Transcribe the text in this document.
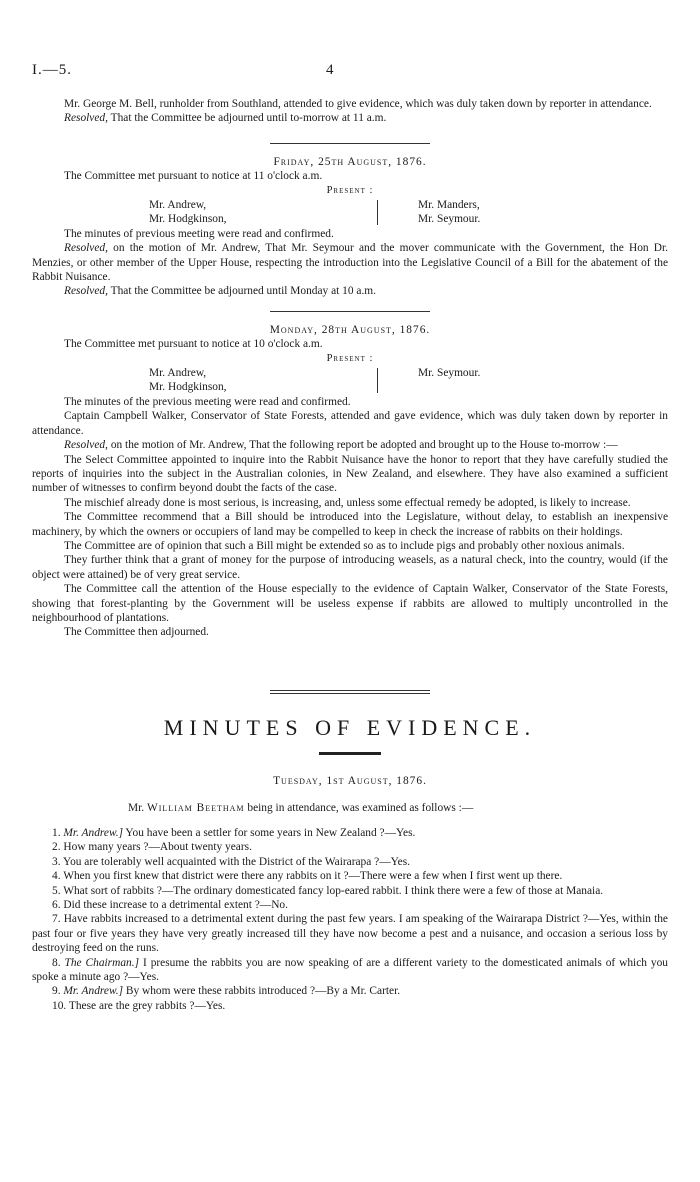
I.—5.	4

Mr. George M. Bell, runholder from Southland, attended to give evidence, which was duly taken down by reporter in attendance.

Resolved, That the Committee be adjourned until to-morrow at 11 a.m.

Friday, 25th August, 1876.

The Committee met pursuant to notice at 11 o'clock a.m.

Present :

Mr. Andrew,
Mr. Hodgkinson,
Mr. Manders,
Mr. Seymour.

The minutes of previous meeting were read and confirmed.

Resolved, on the motion of Mr. Andrew, That Mr. Seymour and the mover communicate with the Government, the Hon Dr. Menzies, or other member of the Upper House, respecting the introduction into the Legislative Council of a Bill for the abatement of the Rabbit Nuisance.

Resolved, That the Committee be adjourned until Monday at 10 a.m.

Monday, 28th August, 1876.

The Committee met pursuant to notice at 10 o'clock a.m.

Present :

Mr. Andrew,
Mr. Hodgkinson,
Mr. Seymour.

The minutes of the previous meeting were read and confirmed.

Captain Campbell Walker, Conservator of State Forests, attended and gave evidence, which was duly taken down by reporter in attendance.

Resolved, on the motion of Mr. Andrew, That the following report be adopted and brought up to the House to-morrow :—

The Select Committee appointed to inquire into the Rabbit Nuisance have the honor to report that they have carefully studied the reports of inquiries into the subject in the Australian colonies, in New Zealand, and elsewhere. They have also examined a sufficient number of witnesses to confirm beyond doubt the facts of the case.

The mischief already done is most serious, is increasing, and, unless some effectual remedy be adopted, is likely to increase.

The Committee recommend that a Bill should be introduced into the Legislature, without delay, to establish an inexpensive machinery, by which the owners or occupiers of land may be compelled to keep in check the increase of rabbits on their holdings.

The Committee are of opinion that such a Bill might be extended so as to include pigs and probably other noxious animals.

They further think that a grant of money for the purpose of introducing weasels, as a natural check, into the country, would (if the object were attained) be of very great service.

The Committee call the attention of the House especially to the evidence of Captain Walker, Conservator of the State Forests, showing that forest-planting by the Government will be useless expense if rabbits are allowed to multiply uncontrolled in the neighbourhood of plantations.

The Committee then adjourned.

MINUTES OF EVIDENCE.

Tuesday, 1st August, 1876.

Mr. William Beetham being in attendance, was examined as follows :—

1. Mr. Andrew.] You have been a settler for some years in New Zealand ?—Yes.

2. How many years ?—About twenty years.

3. You are tolerably well acquainted with the District of the Wairarapa ?—Yes.

4. When you first knew that district were there any rabbits on it ?—There were a few when I first went up there.

5. What sort of rabbits ?—The ordinary domesticated fancy lop-eared rabbit. I think there were a few of those at Manaia.

6. Did these increase to a detrimental extent ?—No.

7. Have rabbits increased to a detrimental extent during the past few years. I am speaking of the Wairarapa District ?—Yes, within the past four or five years they have very greatly increased till they have now become a pest and a nuisance, and occasion a serious loss by destroying feed on the runs.

8. The Chairman.] I presume the rabbits you are now speaking of are a different variety to the domesticated animals of which you spoke a minute ago ?—Yes.

9. Mr. Andrew.] By whom were these rabbits introduced ?—By a Mr. Carter.

10. These are the grey rabbits ?—Yes.
